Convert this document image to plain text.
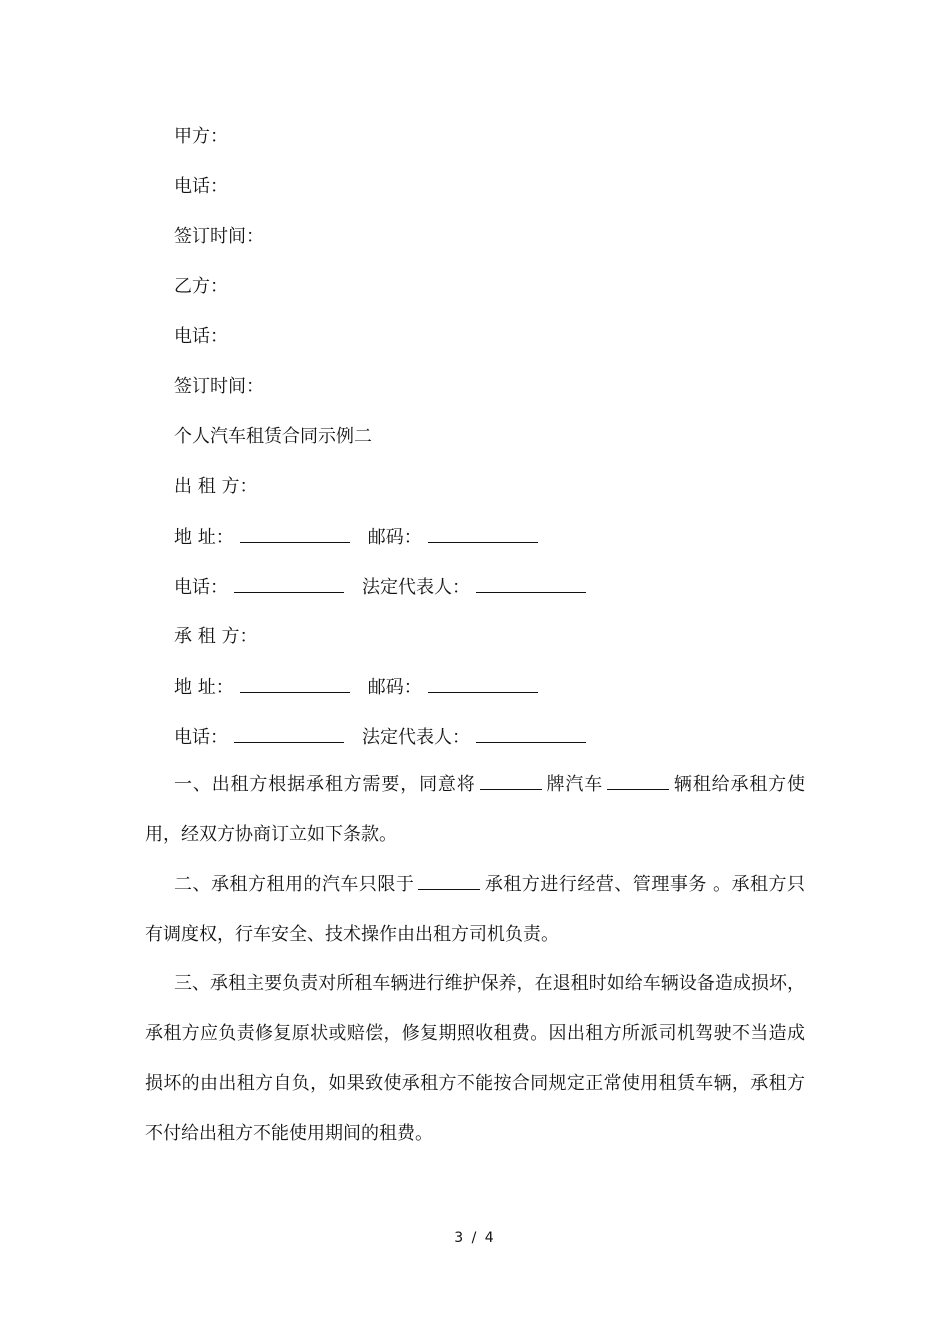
甲方：
电话：
签订时间：
乙方：
电话：
签订时间：
个人汽车租赁合同示例二
出 租 方：
地 址：	邮码：
电话：	法定代表人：
承 租 方：
地 址：	邮码：
电话：	法定代表人：

一、出租方根据承租方需要，同意将	牌汽车	辆租给承租方使用，经双方协商订立如下条款。

二、承租方租用的汽车只限于	承租方进行经营、管理事务 。承租方只有调度权，行车安全、技术操作由出租方司机负责。

三、承租主要负责对所租车辆进行维护保养，在退租时如给车辆设备造成损坏，承租方应负责修复原状或赔偿，修复期照收租费。因出租方所派司机驾驶不当造成损坏的由出租方自负，如果致使承租方不能按合同规定正常使用租赁车辆，承租方不付给出租方不能使用期间的租费。

3 / 4
